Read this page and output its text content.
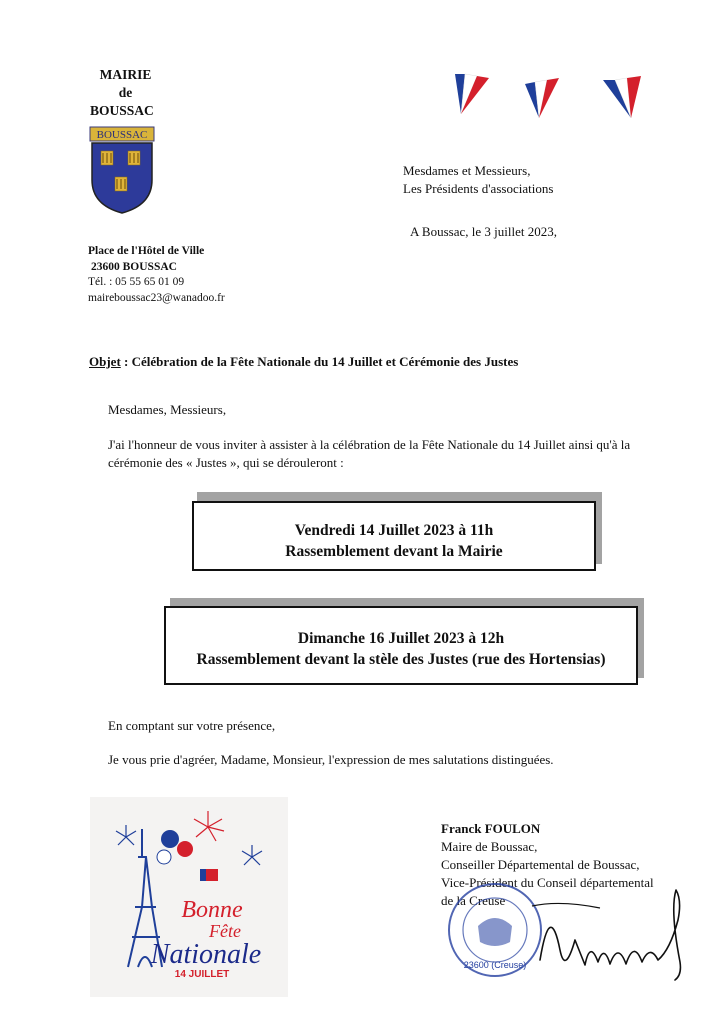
MAIRIE
de
BOUSSAC
BOUSSAC
Place de l'Hôtel de Ville
23600 BOUSSAC
Tél. : 05 55 65 01 09
maireboussac23@wanadoo.fr
Mesdames et Messieurs,
Les Présidents d'associations
A Boussac, le 3 juillet 2023,
Objet : Célébration de la Fête Nationale du 14 Juillet et Cérémonie des Justes
Mesdames, Messieurs,
J'ai l'honneur de vous inviter à assister à la célébration de la Fête Nationale du 14 Juillet ainsi qu'à la cérémonie des « Justes », qui se dérouleront :
Vendredi 14 Juillet 2023 à 11h
Rassemblement devant la Mairie
Dimanche 16 Juillet 2023 à 12h
Rassemblement devant la stèle des Justes (rue des Hortensias)
En comptant sur votre présence,
Je vous prie d'agréer, Madame, Monsieur, l'expression de mes salutations distinguées.
Bonne
Fête
Nationale
14 JUILLET
Franck FOULON
Maire de Boussac,
Conseiller Départemental de Boussac,
Vice-Président du Conseil départemental
de la Creuse
23600 (Creuse)
